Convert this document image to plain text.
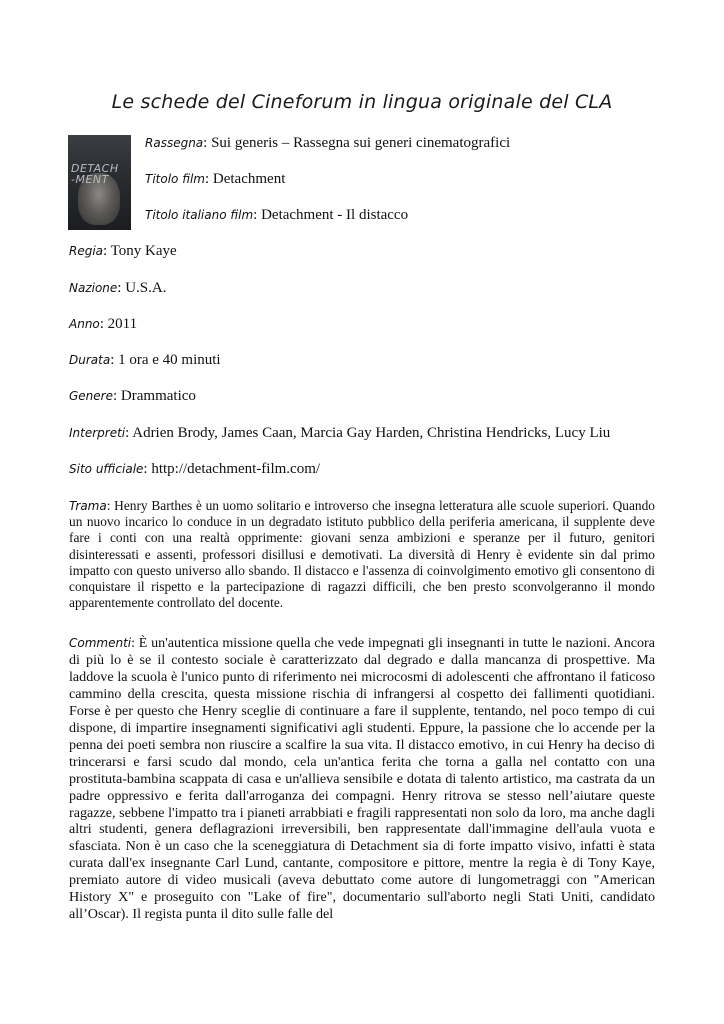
Le schede del Cineforum in lingua originale del CLA
DETACH
-MENT
Rassegna: Sui generis – Rassegna sui generi cinematografici
Titolo film: Detachment
Titolo italiano film: Detachment - Il distacco
Regia: Tony Kaye
Nazione: U.S.A.
Anno: 2011
Durata: 1 ora e 40 minuti
Genere: Drammatico
Interpreti: Adrien Brody, James Caan, Marcia Gay Harden, Christina Hendricks, Lucy Liu
Sito ufficiale: http://detachment-film.com/
Trama: Henry Barthes è un uomo solitario e introverso che insegna letteratura alle scuole superiori. Quando un nuovo incarico lo conduce in un degradato istituto pubblico della periferia americana, il supplente deve fare i conti con una realtà opprimente: giovani senza ambizioni e speranze per il futuro, genitori disinteressati e assenti, professori disillusi e demotivati. La diversità di Henry è evidente sin dal primo impatto con questo universo allo sbando. Il distacco e l'assenza di coinvolgimento emotivo gli consentono di conquistare il rispetto e la partecipazione di ragazzi difficili, che ben presto sconvolgeranno il mondo apparentemente controllato del docente.
Commenti: È un'autentica missione quella che vede impegnati gli insegnanti in tutte le nazioni. Ancora di più lo è se il contesto sociale è caratterizzato dal degrado e dalla mancanza di prospettive. Ma laddove la scuola è l'unico punto di riferimento nei microcosmi di adolescenti che affrontano il faticoso cammino della crescita, questa missione rischia di infrangersi al cospetto dei fallimenti quotidiani. Forse è per questo che Henry sceglie di continuare a fare il supplente, tentando, nel poco tempo di cui dispone, di impartire insegnamenti significativi agli studenti. Eppure, la passione che lo accende per la penna dei poeti sembra non riuscire a scalfire la sua vita. Il distacco emotivo, in cui Henry ha deciso di trincerarsi e farsi scudo dal mondo, cela un'antica ferita che torna a galla nel contatto con una prostituta-bambina scappata di casa e un'allieva sensibile e dotata di talento artistico, ma castrata da un padre oppressivo e ferita dall'arroganza dei compagni. Henry ritrova se stesso nell’aiutare queste ragazze, sebbene l'impatto tra i pianeti arrabbiati e fragili rappresentati non solo da loro, ma anche dagli altri studenti, genera deflagrazioni irreversibili, ben rappresentate dall'immagine dell'aula vuota e sfasciata. Non è un caso che la sceneggiatura di Detachment sia di forte impatto visivo, infatti è stata curata dall'ex insegnante Carl Lund, cantante, compositore e pittore, mentre la regia è di Tony Kaye, premiato autore di video musicali (aveva debuttato come autore di lungometraggi con "American History X" e proseguito con "Lake of fire", documentario sull'aborto negli Stati Uniti, candidato all’Oscar). Il regista punta il dito sulle falle del
